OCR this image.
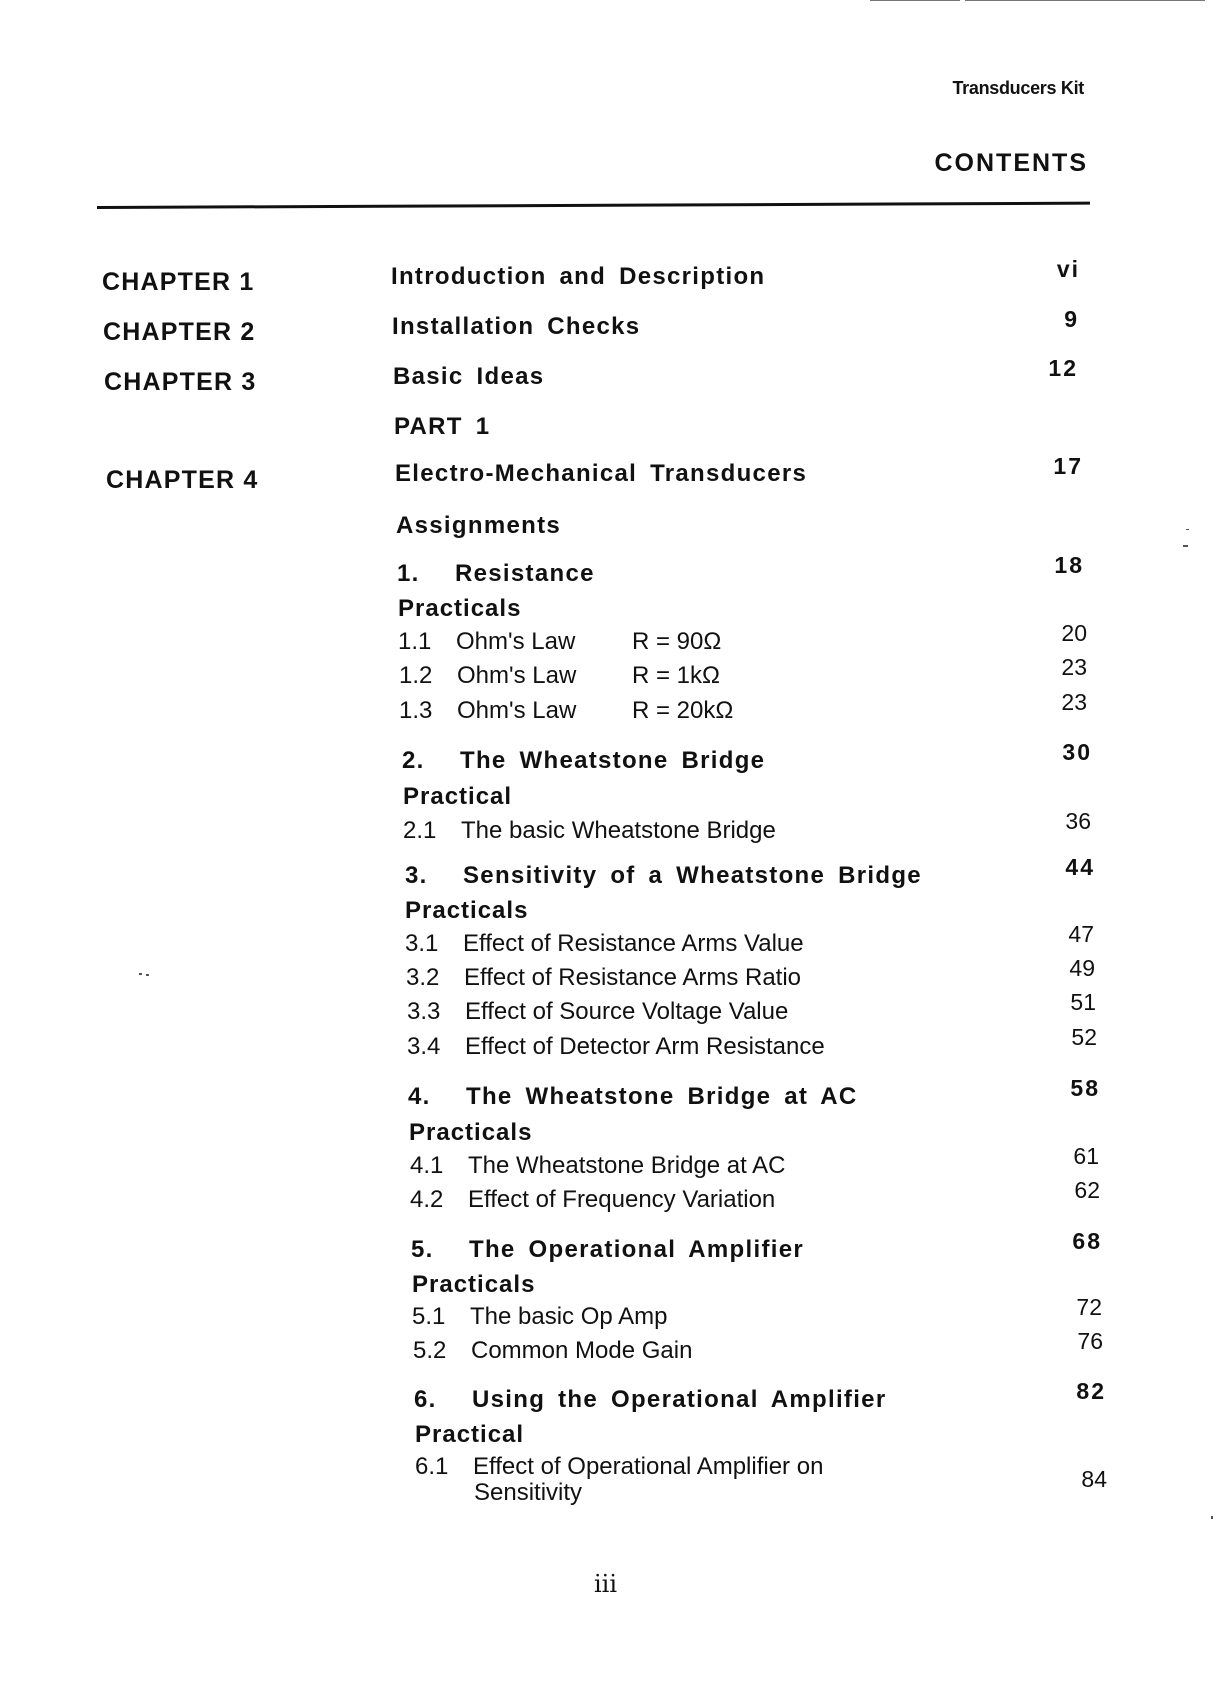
Transducers Kit
CONTENTS
CHAPTER 1	Introduction and Description	vi
CHAPTER 2	Installation Checks	9
CHAPTER 3	Basic Ideas	12
PART 1
CHAPTER 4	Electro-Mechanical Transducers	17
Assignments
1. Resistance	18
Practicals
1.1 Ohm's Law R = 90Ω	20
1.2 Ohm's Law R = 1kΩ	23
1.3 Ohm's Law R = 20kΩ	23
2. The Wheatstone Bridge	30
Practical
2.1 The basic Wheatstone Bridge	36
3. Sensitivity of a Wheatstone Bridge	44
Practicals
3.1 Effect of Resistance Arms Value	47
3.2 Effect of Resistance Arms Ratio	49
3.3 Effect of Source Voltage Value	51
3.4 Effect of Detector Arm Resistance	52
4. The Wheatstone Bridge at AC	58
Practicals
4.1 The Wheatstone Bridge at AC	61
4.2 Effect of Frequency Variation	62
5. The Operational Amplifier	68
Practicals
5.1 The basic Op Amp	72
5.2 Common Mode Gain	76
6. Using the Operational Amplifier	82
Practical
6.1 Effect of Operational Amplifier on
Sensitivity	84
iii
